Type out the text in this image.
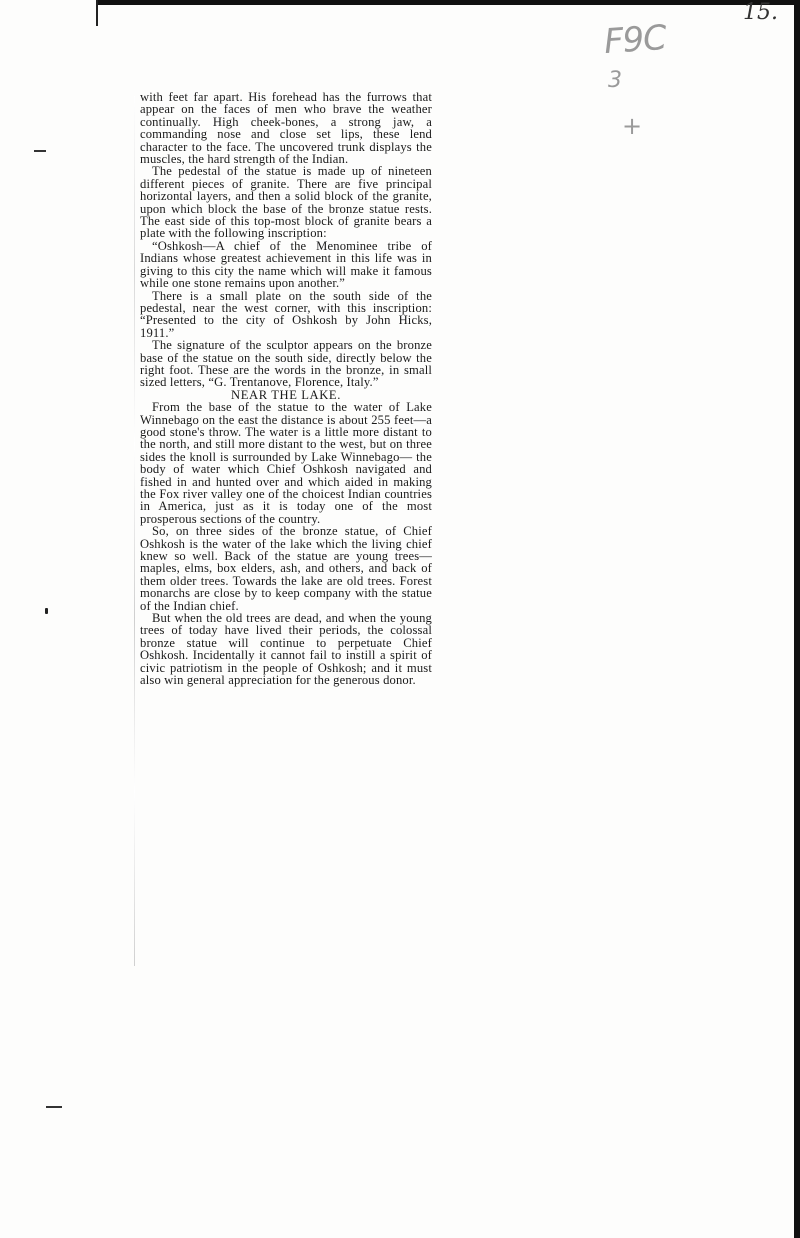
15.
F9C
3
+

with feet far apart. His forehead has the furrows that appear on the faces of men who brave the weather continually. High cheek-bones, a strong jaw, a commanding nose and close set lips, these lend character to the face. The uncovered trunk displays the muscles, the hard strength of the Indian.

The pedestal of the statue is made up of nineteen different pieces of granite. There are five principal horizontal layers, and then a solid block of the granite, upon which block the base of the bronze statue rests. The east side of this top-most block of granite bears a plate with the following inscription:

“Oshkosh—A chief of the Menominee tribe of Indians whose greatest achievement in this life was in giving to this city the name which will make it famous while one stone remains upon another.”

There is a small plate on the south side of the pedestal, near the west corner, with this inscription: “Presented to the city of Oshkosh by John Hicks, 1911.”

The signature of the sculptor appears on the bronze base of the statue on the south side, directly below the right foot. These are the words in the bronze, in small sized letters, “G. Trentanove, Florence, Italy.”

NEAR THE LAKE.

From the base of the statue to the water of Lake Winnebago on the east the distance is about 255 feet—a good stone's throw. The water is a little more distant to the north, and still more distant to the west, but on three sides the knoll is surrounded by Lake Winnebago— the body of water which Chief Oshkosh navigated and fished in and hunted over and which aided in making the Fox river valley one of the choicest Indian countries in America, just as it is today one of the most prosperous sections of the country.

So, on three sides of the bronze statue, of Chief Oshkosh is the water of the lake which the living chief knew so well. Back of the statue are young trees—maples, elms, box elders, ash, and others, and back of them older trees. Towards the lake are old trees. Forest monarchs are close by to keep company with the statue of the Indian chief.

But when the old trees are dead, and when the young trees of today have lived their periods, the colossal bronze statue will continue to perpetuate Chief Oshkosh. Incidentally it cannot fail to instill a spirit of civic patriotism in the people of Oshkosh; and it must also win general appreciation for the generous donor.
